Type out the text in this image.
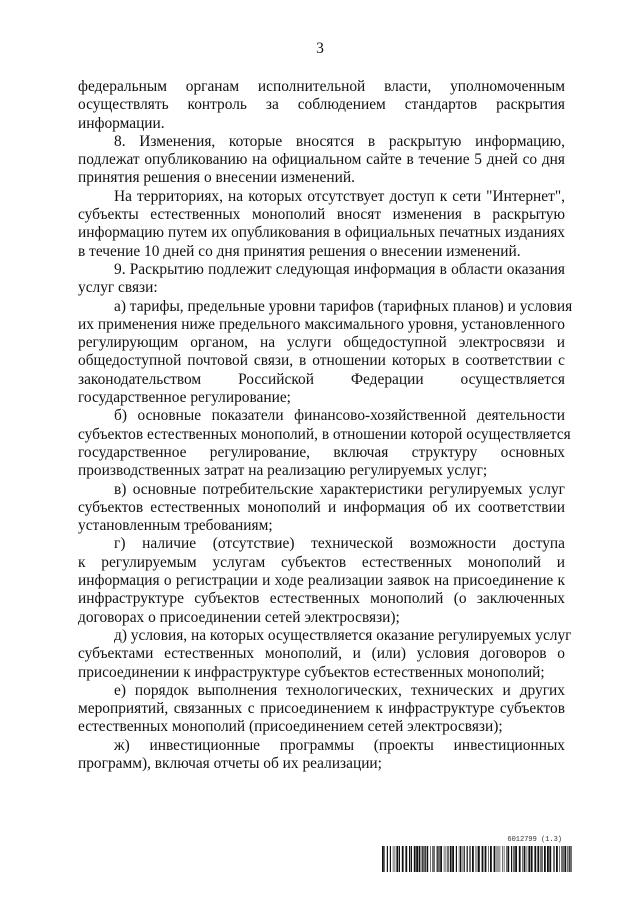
3

федеральным органам исполнительной власти, уполномоченным
осуществлять контроль за соблюдением стандартов раскрытия
информации.

8. Изменения, которые вносятся в раскрытую информацию,
подлежат опубликованию на официальном сайте в течение 5 дней со дня
принятия решения о внесении изменений.

На территориях, на которых отсутствует доступ к сети "Интернет",
субъекты естественных монополий вносят изменения в раскрытую
информацию путем их опубликования в официальных печатных изданиях
в течение 10 дней со дня принятия решения о внесении изменений.

9. Раскрытию подлежит следующая информация в области оказания
услуг связи:

а) тарифы, предельные уровни тарифов (тарифных планов) и условия
их применения ниже предельного максимального уровня, установленного
регулирующим органом, на услуги общедоступной электросвязи и
общедоступной почтовой связи, в отношении которых в соответствии с
законодательством Российской Федерации осуществляется
государственное регулирование;

б) основные показатели финансово-хозяйственной деятельности
субъектов естественных монополий, в отношении которой осуществляется
государственное регулирование, включая структуру основных
производственных затрат на реализацию регулируемых услуг;

в) основные потребительские характеристики регулируемых услуг
субъектов естественных монополий и информация об их соответствии
установленным требованиям;

г) наличие (отсутствие) технической возможности доступа
к регулируемым услугам субъектов естественных монополий и
информация о регистрации и ходе реализации заявок на присоединение к
инфраструктуре субъектов естественных монополий (о заключенных
договорах о присоединении сетей электросвязи);

д) условия, на которых осуществляется оказание регулируемых услуг
субъектами естественных монополий, и (или) условия договоров о
присоединении к инфраструктуре субъектов естественных монополий;

е) порядок выполнения технологических, технических и других
мероприятий, связанных с присоединением к инфраструктуре субъектов
естественных монополий (присоединением сетей электросвязи);

ж) инвестиционные программы (проекты инвестиционных
программ), включая отчеты об их реализации;

6012799 (1.3)
